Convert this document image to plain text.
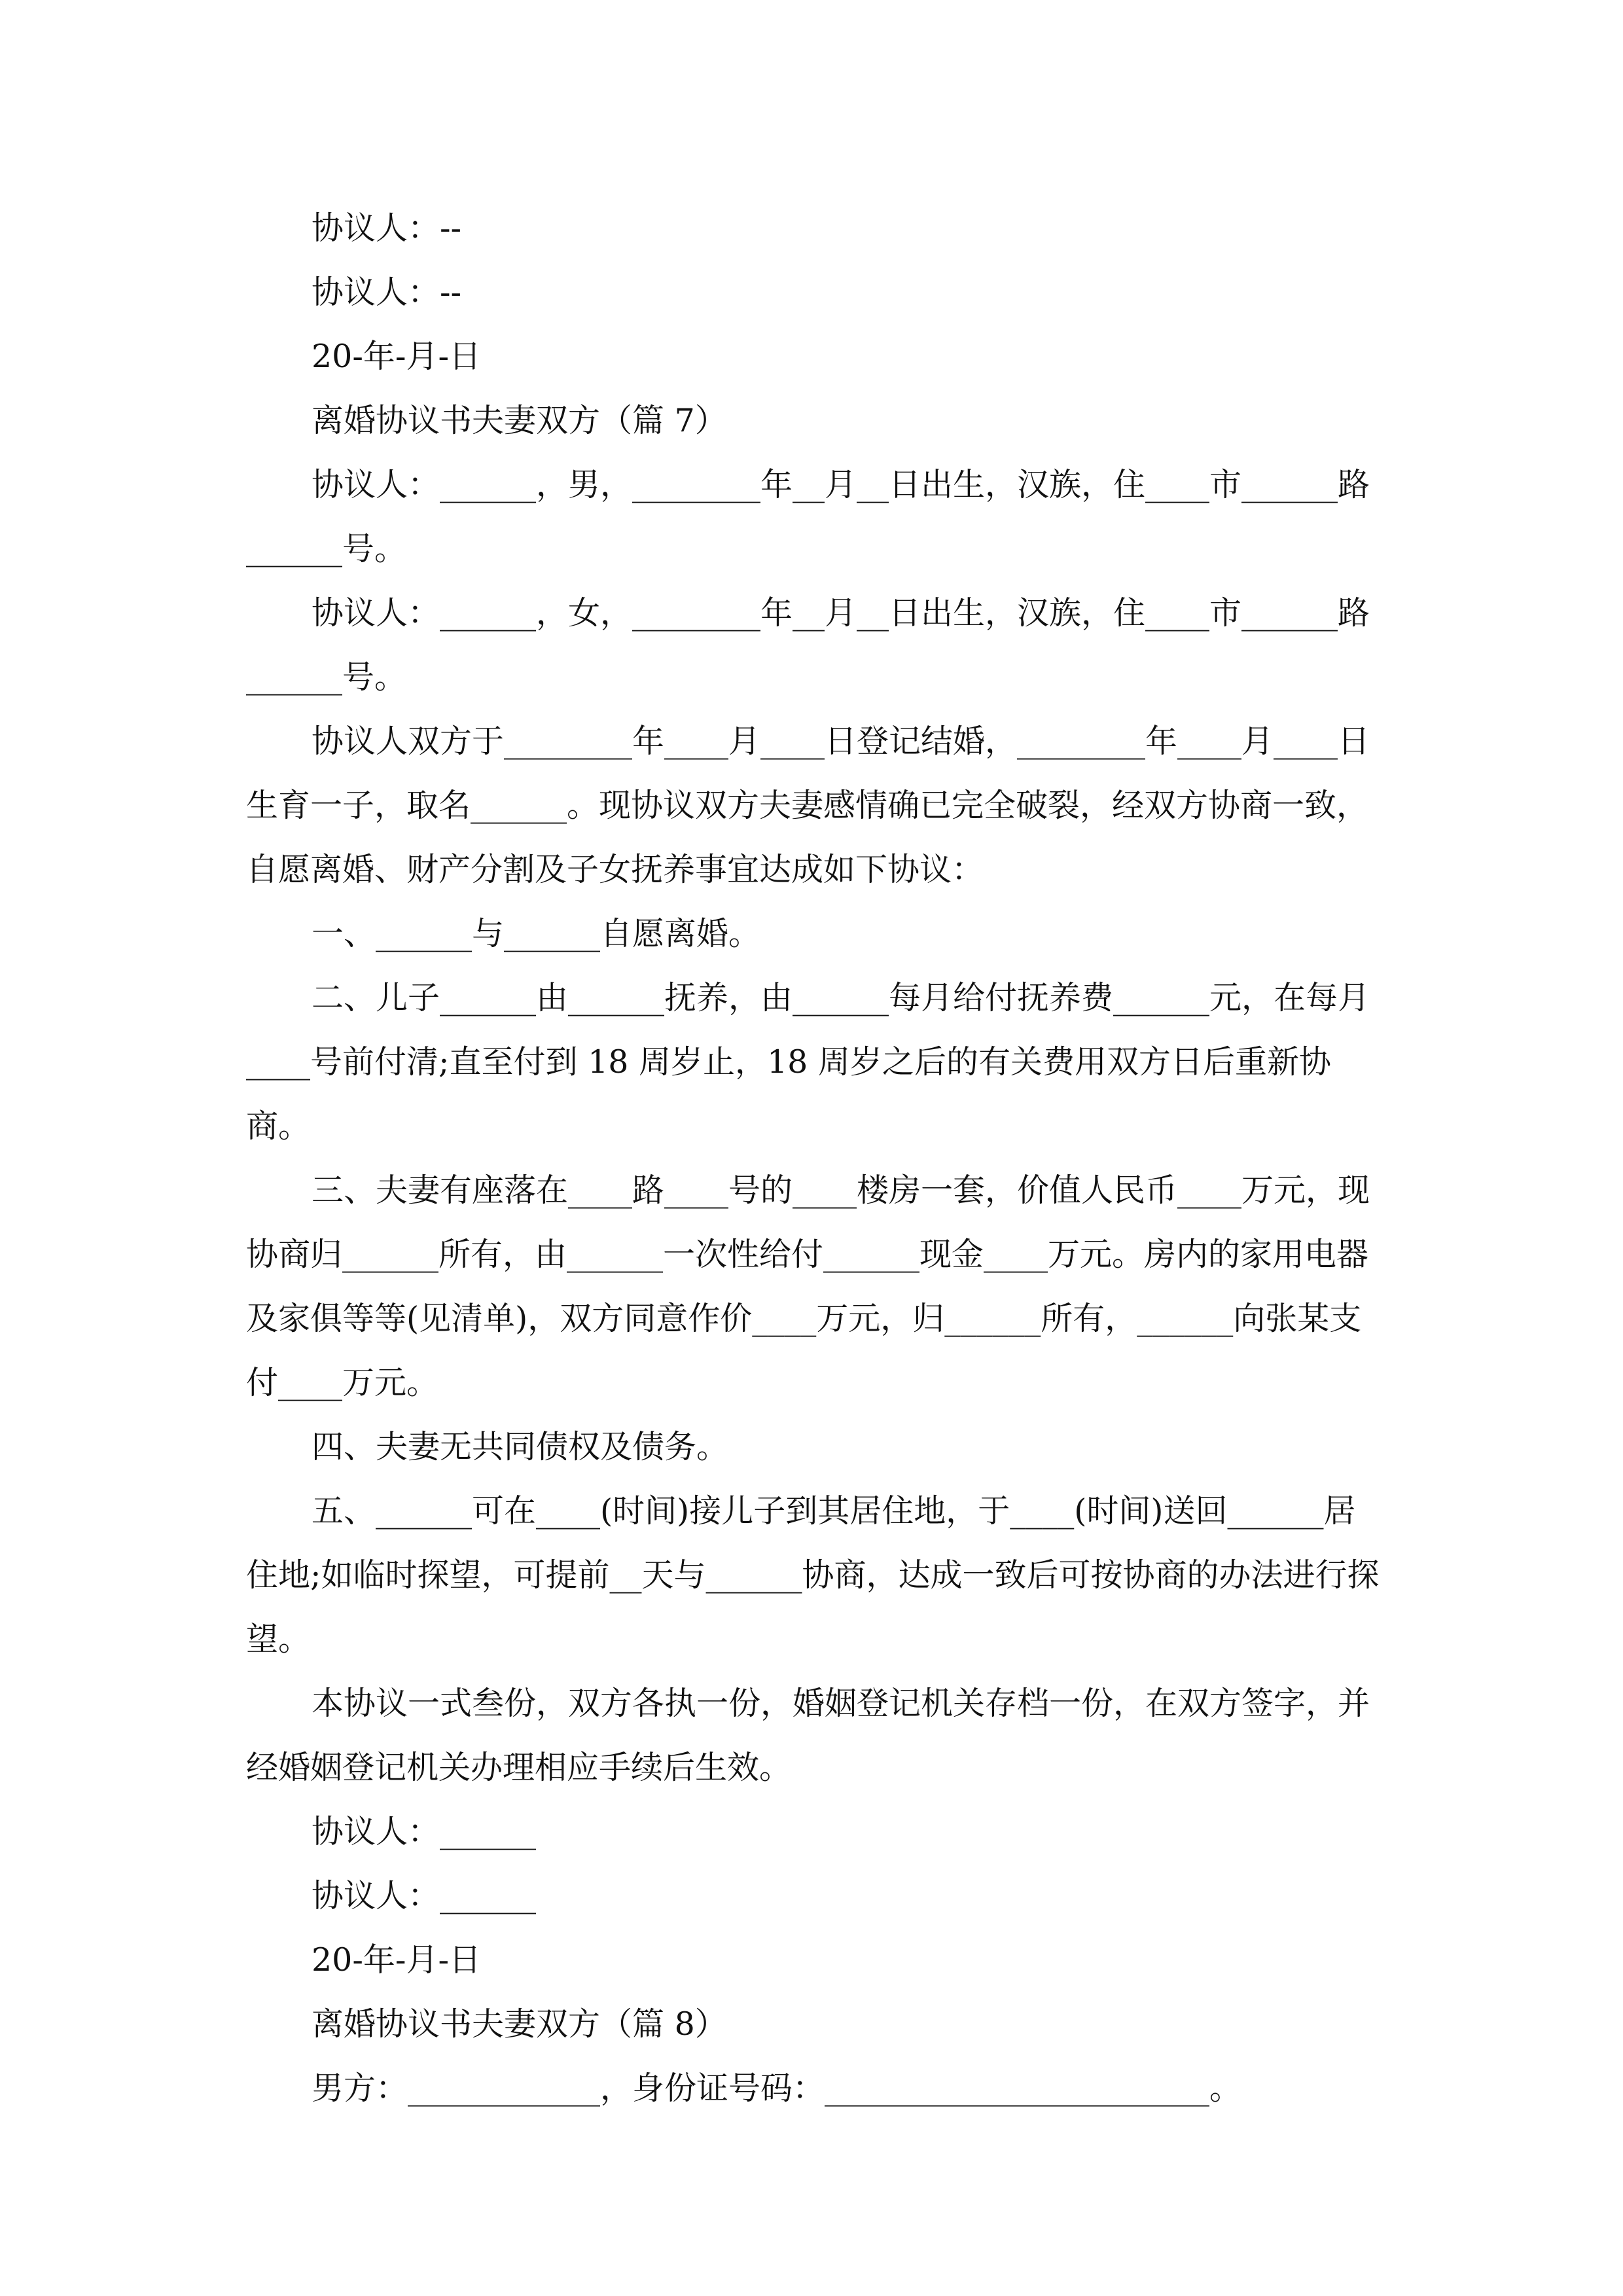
协议人：--

协议人：--

20-年-月-日

离婚协议书夫妻双方（篇 7）

协议人：______，男，________年__月__日出生，汉族，住____市______路______号。

协议人：______，女，________年__月__日出生，汉族，住____市______路______号。

协议人双方于________年____月____日登记结婚，________年____月____日生育一子，取名______。现协议双方夫妻感情确已完全破裂，经双方协商一致，自愿离婚、财产分割及子女抚养事宜达成如下协议：

一、______与______自愿离婚。

二、儿子______由______抚养，由______每月给付抚养费______元，在每月____号前付清;直至付到 18 周岁止，18 周岁之后的有关费用双方日后重新协商。

三、夫妻有座落在____路____号的____楼房一套，价值人民币____万元，现协商归______所有，由______一次性给付______现金____万元。房内的家用电器及家俱等等(见清单)，双方同意作价____万元，归______所有，______向张某支付____万元。

四、夫妻无共同债权及债务。

五、______可在____(时间)接儿子到其居住地，于____(时间)送回______居住地;如临时探望，可提前__天与______协商，达成一致后可按协商的办法进行探望。

本协议一式叁份，双方各执一份，婚姻登记机关存档一份，在双方签字，并经婚姻登记机关办理相应手续后生效。

协议人：______

协议人：______

20-年-月-日

离婚协议书夫妻双方（篇 8）

男方：____________，身份证号码：________________________。
